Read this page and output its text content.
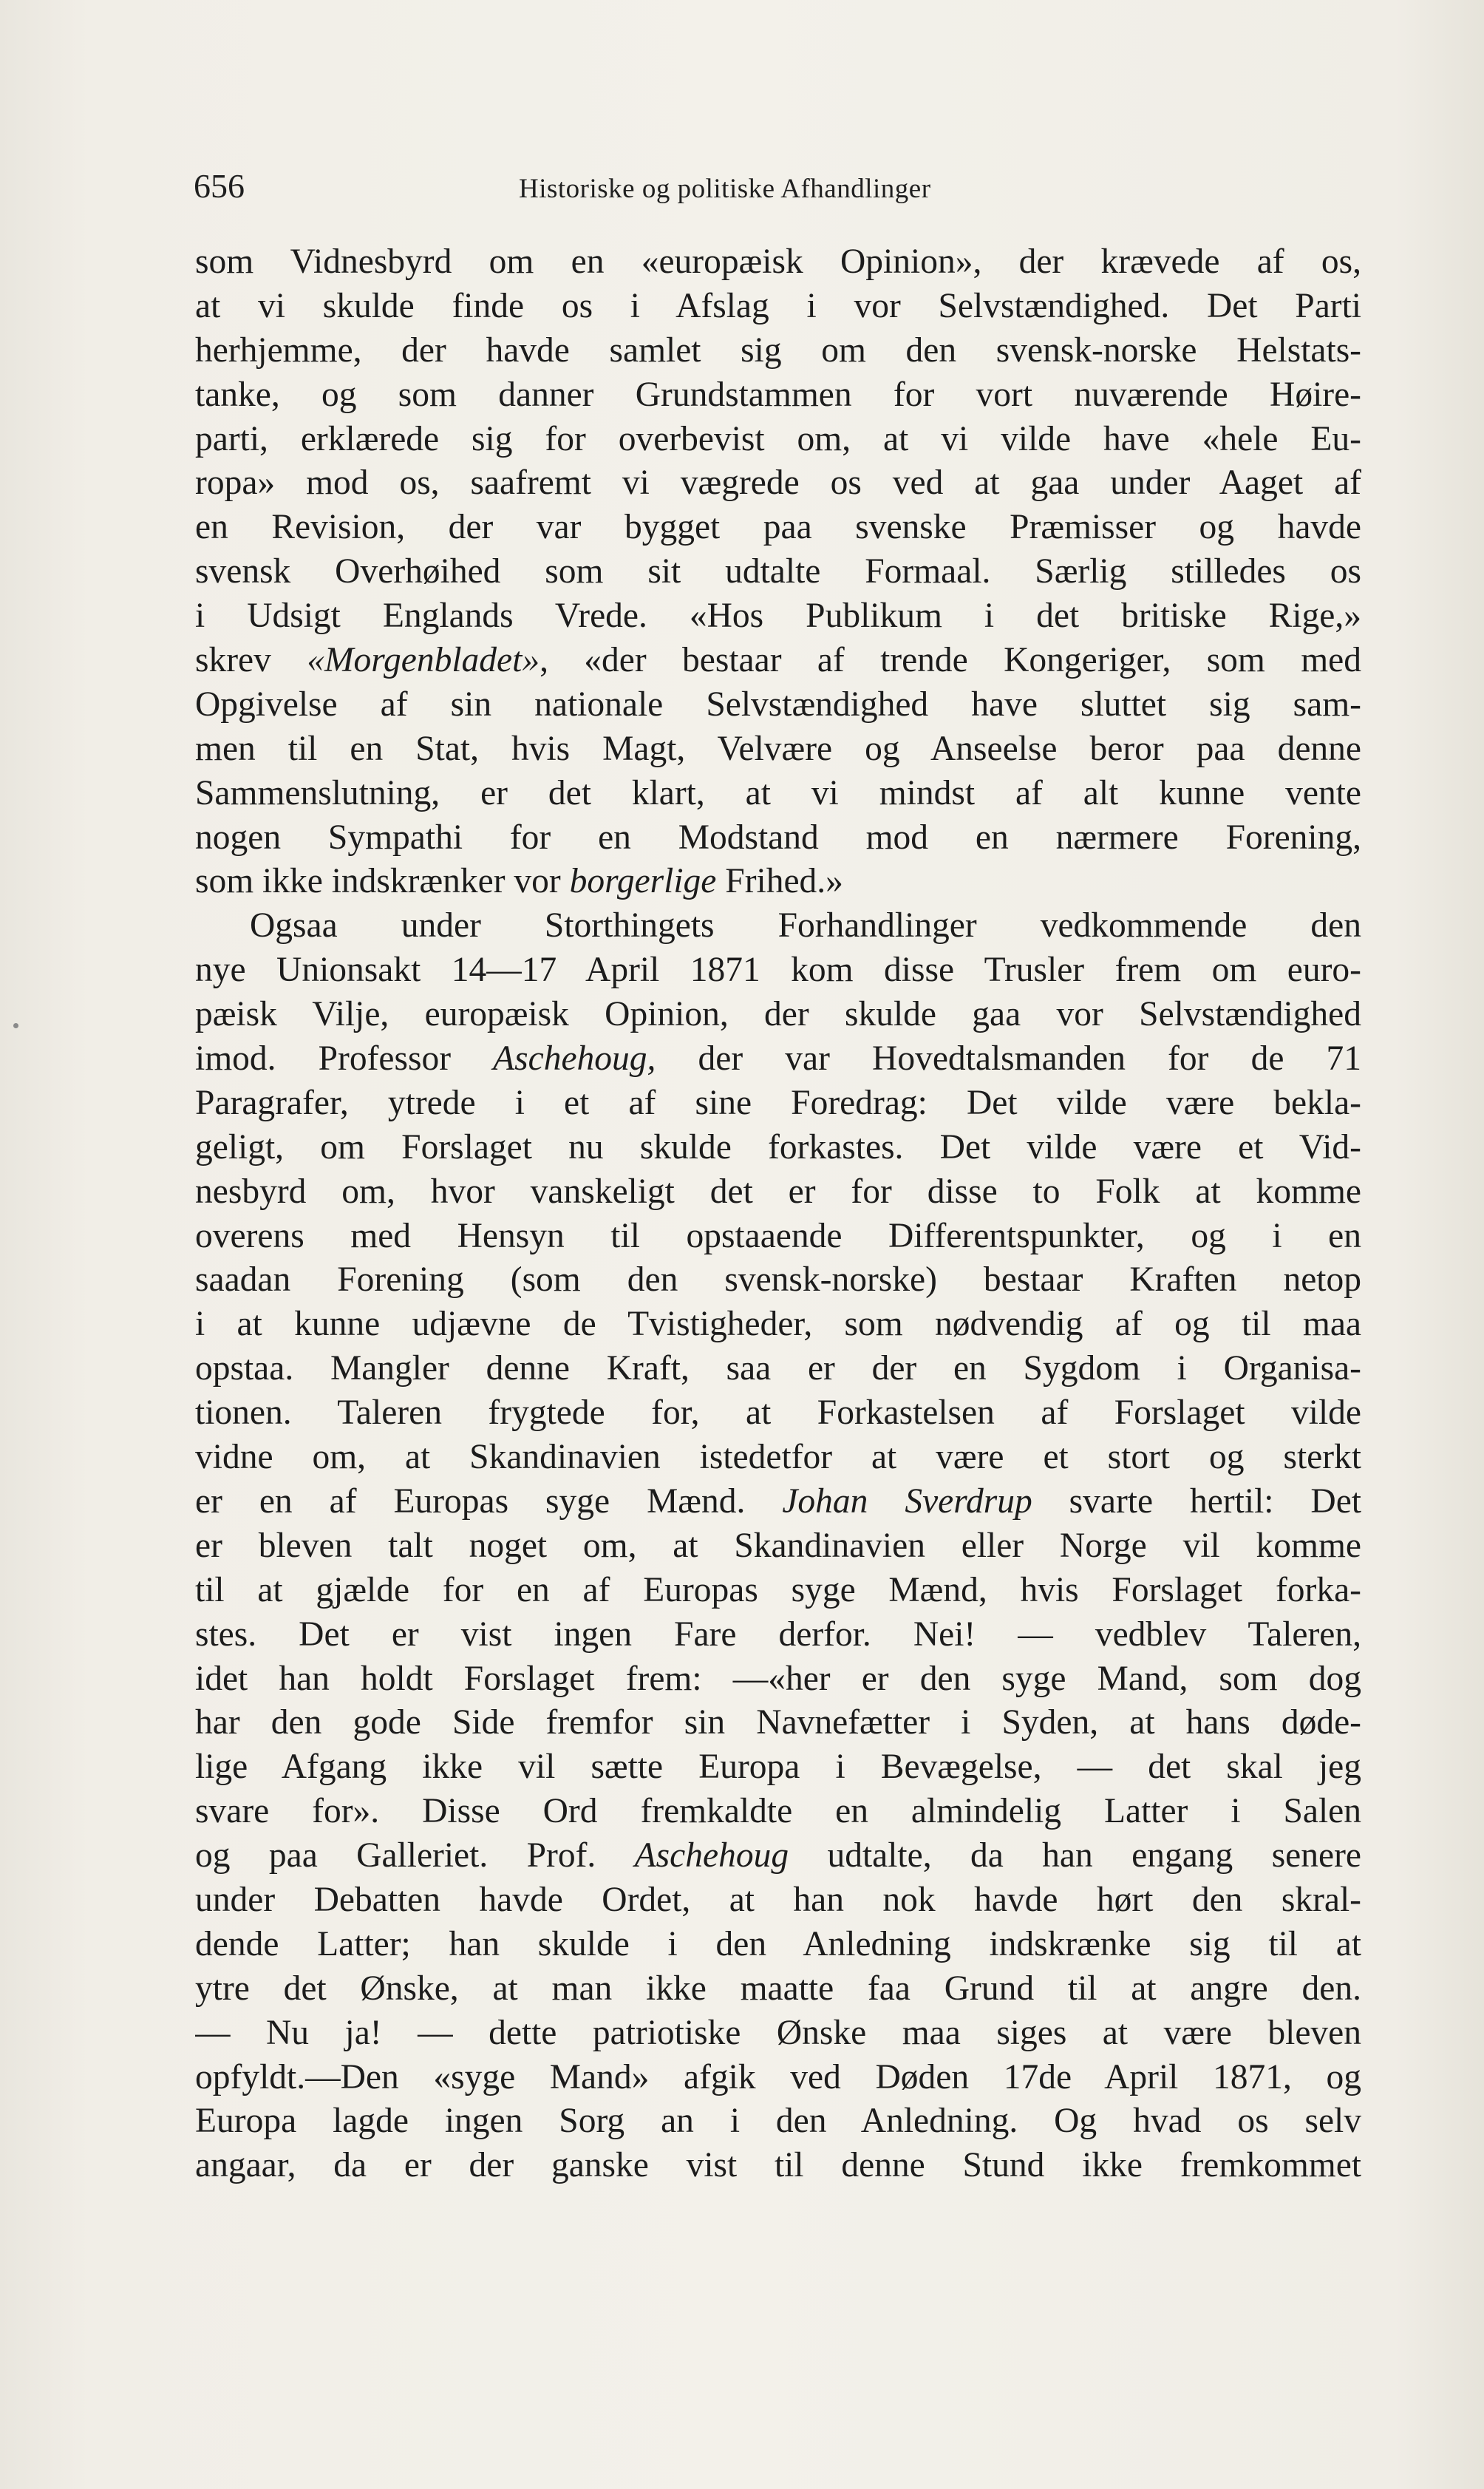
656	Historiske og politiske Afhandlinger
som Vidnesbyrd om en «europæisk Opinion», der krævede af os,
at vi skulde finde os i Afslag i vor Selvstændighed. Det Parti
herhjemme, der havde samlet sig om den svensk-norske Helstats-
tanke, og som danner Grundstammen for vort nuværende Høire-
parti, erklærede sig for overbevist om, at vi vilde have «hele Eu-
ropa» mod os, saafremt vi vægrede os ved at gaa under Aaget af
en Revision, der var bygget paa svenske Præmisser og havde
svensk Overhøihed som sit udtalte Formaal. Særlig stilledes os
i Udsigt Englands Vrede. «Hos Publikum i det britiske Rige,»
skrev «Morgenbladet», «der bestaar af trende Kongeriger, som med
Opgivelse af sin nationale Selvstændighed have sluttet sig sam-
men til en Stat, hvis Magt, Velvære og Anseelse beror paa denne
Sammenslutning, er det klart, at vi mindst af alt kunne vente
nogen Sympathi for en Modstand mod en nærmere Forening,
som ikke indskrænker vor borgerlige Frihed.»
Ogsaa under Storthingets Forhandlinger vedkommende den
nye Unionsakt 14—17 April 1871 kom disse Trusler frem om euro-
pæisk Vilje, europæisk Opinion, der skulde gaa vor Selvstændighed
imod. Professor Aschehoug, der var Hovedtalsmanden for de 71
Paragrafer, ytrede i et af sine Foredrag: Det vilde være bekla-
geligt, om Forslaget nu skulde forkastes. Det vilde være et Vid-
nesbyrd om, hvor vanskeligt det er for disse to Folk at komme
overens med Hensyn til opstaaende Differentspunkter, og i en
saadan Forening (som den svensk-norske) bestaar Kraften netop
i at kunne udjævne de Tvistigheder, som nødvendig af og til maa
opstaa. Mangler denne Kraft, saa er der en Sygdom i Organisa-
tionen. Taleren frygtede for, at Forkastelsen af Forslaget vilde
vidne om, at Skandinavien istedetfor at være et stort og sterkt
er en af Europas syge Mænd. Johan Sverdrup svarte hertil: Det
er bleven talt noget om, at Skandinavien eller Norge vil komme
til at gjælde for en af Europas syge Mænd, hvis Forslaget forka-
stes. Det er vist ingen Fare derfor. Nei! — vedblev Taleren,
idet han holdt Forslaget frem: —«her er den syge Mand, som dog
har den gode Side fremfor sin Navnefætter i Syden, at hans døde-
lige Afgang ikke vil sætte Europa i Bevægelse, — det skal jeg
svare for». Disse Ord fremkaldte en almindelig Latter i Salen
og paa Galleriet. Prof. Aschehoug udtalte, da han engang senere
under Debatten havde Ordet, at han nok havde hørt den skral-
dende Latter; han skulde i den Anledning indskrænke sig til at
ytre det Ønske, at man ikke maatte faa Grund til at angre den.
— Nu ja! — dette patriotiske Ønske maa siges at være bleven
opfyldt.—Den «syge Mand» afgik ved Døden 17de April 1871, og
Europa lagde ingen Sorg an i den Anledning. Og hvad os selv
angaar, da er der ganske vist til denne Stund ikke fremkommet
